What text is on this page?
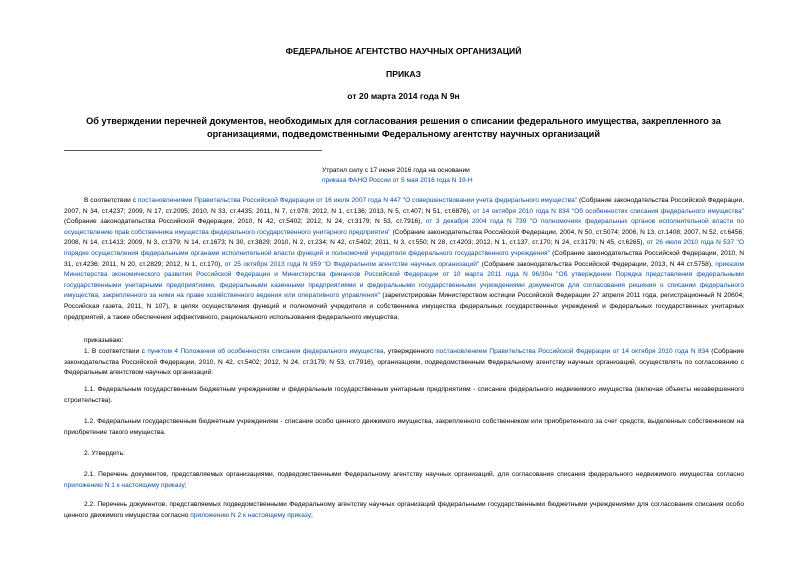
ФЕДЕРАЛЬНОЕ АГЕНТСТВО НАУЧНЫХ ОРГАНИЗАЦИЙ
ПРИКАЗ
от 20 марта 2014 года N 9н
Об утверждении перечней документов, необходимых для согласования решения о списании федерального имущества, закрепленного за организациями, подведомственными Федеральному агентству научных организаций
Утратил силу с 17 июня 2016 года на основании
приказа ФАНО России от 5 мая 2016 года N 19-Н
В соответствии с постановлениями Правительства Российской Федерации от 16 июля 2007 года N 447 "О совершенствовании учета федерального имущества" (Собрание законодательства Российской Федерации, 2007, N 34, ст.4237; 2009, N 17, ст.2095; 2010, N 33, ст.4435; 2011, N 7, ст.978; 2012, N 1, ст.136; 2013, N 5, ст.407; N 51, ст.6876), от 14 октября 2010 года N 834 "Об особенностях списания федерального имущества" (Собрание законодательства Российской Федерации, 2010, N 42, ст.5402; 2012, N 24, ст.3179; N 53, ст.7916), от 3 декабря 2004 года N 739 "О полномочиях федеральных органов исполнительной власти по осуществлению прав собственника имущества федерального государственного унитарного предприятия" (Собрание законодательства Российской Федерации, 2004, N 50, ст.5074; 2006, N 13, ст.1408; 2007, N 52, ст.6456; 2008, N 14, ст.1413; 2009, N 3, ст.379; N 14, ст.1673; N 30, ст.3829; 2010, N 2, ст.234; N 42, ст.5402; 2011, N 3, ст.550; N 28, ст.4203; 2012, N 1, ст.137, ст.170; N 24, ст.3179; N 45, ст.6265), от 26 июля 2010 года N 537 "О порядке осуществления федеральными органами исполнительной власти функций и полномочий учредителя федерального государственного учреждения" (Собрание законодательства Российской Федерации, 2010, N 31, ст.4236; 2011, N 20, ст.2829; 2012, N 1, ст.170), от 25 октября 2013 года N 959 "О Федеральном агентстве научных организаций" (Собрание законодательства Российской Федерации, 2013, N 44 ст.5758), приказом Министерства экономического развития Российской Федерации и Министерства финансов Российской Федерации от 10 марта 2011 года N 96/30н "Об утверждении Порядка представления федеральными государственными унитарными предприятиями, федеральными казенными предприятиями и федеральными государственными учреждениями документов для согласования решения о списании федерального имущества, закрепленного за ними на праве хозяйственного ведения или оперативного управления" (зарегистрирован Министерством юстиции Российской Федерации 27 апреля 2011 года, регистрационный N 20604; Российская газета, 2011, N 107), в целях осуществления функций и полномочий учредителя и собственника имущества федеральных государственных учреждений и федеральных государственных унитарных предприятий, а также обеспечения эффективного, рационального использования федерального имущества,
приказываю:
1. В соответствии с пунктом 4 Положения об особенностях списания федерального имущества, утвержденного постановлением Правительства Российской Федерации от 14 октября 2010 года N 834 (Собрание законодательства Российской Федерации, 2010, N 42, ст.5402; 2012, N 24, ст.3179; N 53, ст.7916), организациям, подведомственным Федеральному агентству научных организаций, осуществлять по согласованию с Федеральным агентством научных организаций:
1.1. Федеральным государственным бюджетным учреждениям и федеральным государственным унитарным предприятиям - списание федерального недвижимого имущества (включая объекты незавершенного строительства).
1.2. Федеральным государственным бюджетным учреждениям - списание особо ценного движимого имущества, закрепленного собственником или приобретенного за счет средств, выделенных собственником на приобретение такого имущества.
2. Утвердить:
2.1. Перечень документов, представляемых организациями, подведомственными Федеральному агентству научных организаций, для согласования списания федерального недвижимого имущества согласно приложению N 1 к настоящему приказу;
2.2. Перечень документов, представляемых подведомственными Федеральному агентству научных организаций федеральными государственными бюджетными учреждениями для согласования списания особо ценного движимого имущества согласно приложению N 2 к настоящему приказу;
